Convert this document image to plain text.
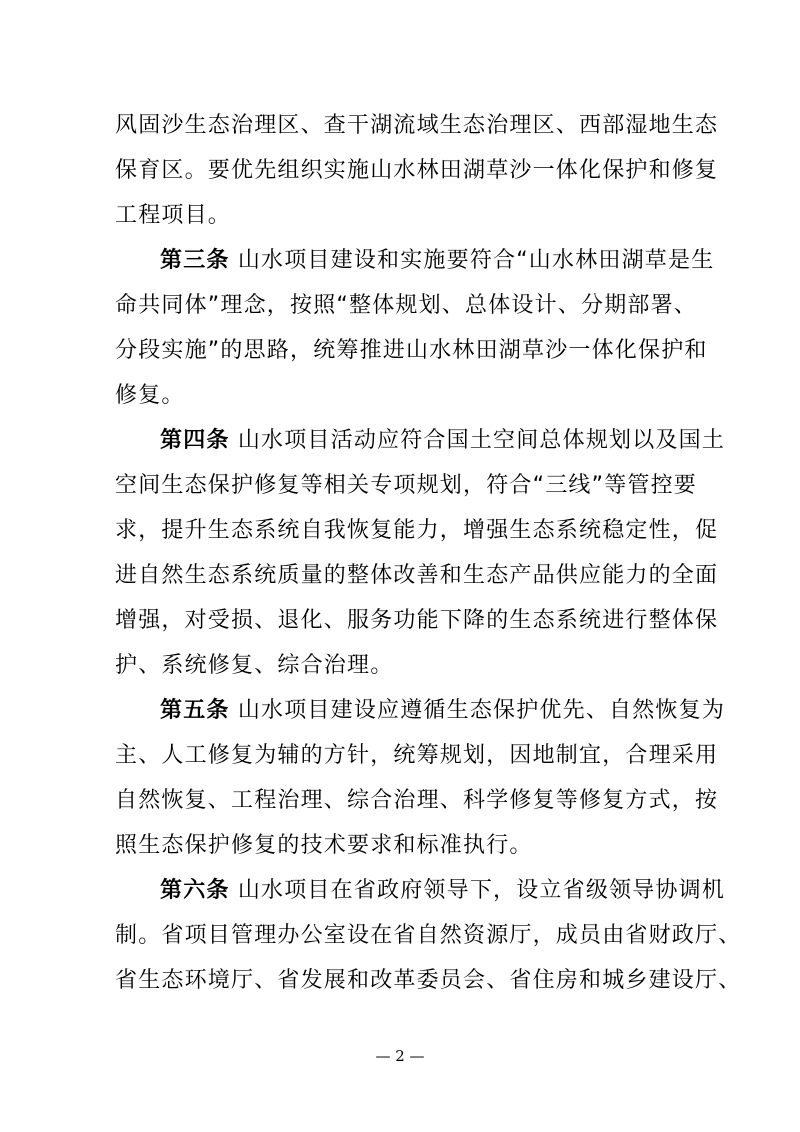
风固沙生态治理区、查干湖流域生态治理区、西部湿地生态
保育区。要优先组织实施山水林田湖草沙一体化保护和修复
工程项目。
第三条 山水项目建设和实施要符合“山水林田湖草是生
命共同体”理念，按照“整体规划、总体设计、分期部署、
分段实施”的思路，统筹推进山水林田湖草沙一体化保护和
修复。
第四条 山水项目活动应符合国土空间总体规划以及国土
空间生态保护修复等相关专项规划，符合“三线”等管控要
求，提升生态系统自我恢复能力，增强生态系统稳定性，促
进自然生态系统质量的整体改善和生态产品供应能力的全面
增强，对受损、退化、服务功能下降的生态系统进行整体保
护、系统修复、综合治理。
第五条 山水项目建设应遵循生态保护优先、自然恢复为
主、人工修复为辅的方针，统筹规划，因地制宜，合理采用
自然恢复、工程治理、综合治理、科学修复等修复方式，按
照生态保护修复的技术要求和标准执行。
第六条 山水项目在省政府领导下，设立省级领导协调机
制。省项目管理办公室设在省自然资源厅，成员由省财政厅、
省生态环境厅、省发展和改革委员会、省住房和城乡建设厅、
— 2 —
